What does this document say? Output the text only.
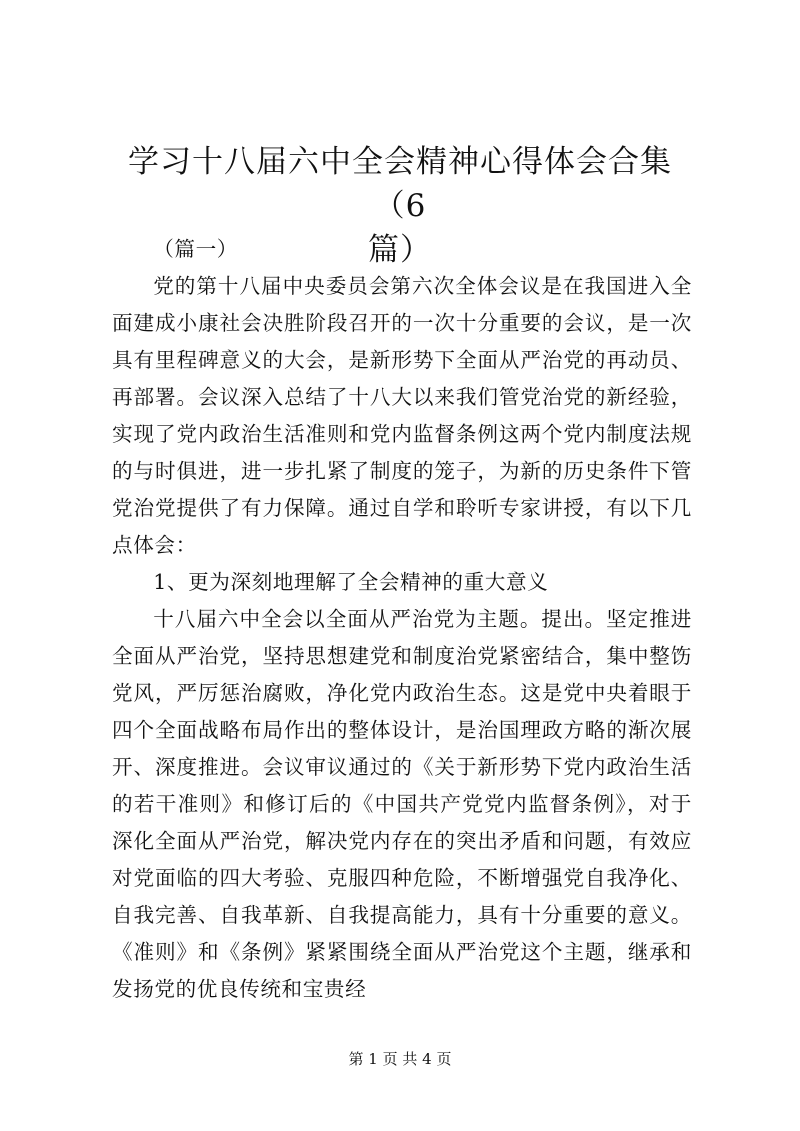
学习十八届六中全会精神心得体会合集（6
篇）

（篇一）

党的第十八届中央委员会第六次全体会议是在我国进入全面建成小康社会决胜阶段召开的一次十分重要的会议，是一次具有里程碑意义的大会，是新形势下全面从严治党的再动员、再部署。会议深入总结了十八大以来我们管党治党的新经验，实现了党内政治生活准则和党内监督条例这两个党内制度法规的与时俱进，进一步扎紧了制度的笼子，为新的历史条件下管党治党提供了有力保障。通过自学和聆听专家讲授，有以下几点体会：

1、更为深刻地理解了全会精神的重大意义

十八届六中全会以全面从严治党为主题。提出。坚定推进全面从严治党，坚持思想建党和制度治党紧密结合，集中整饬党风，严厉惩治腐败，净化党内政治生态。这是党中央着眼于四个全面战略布局作出的整体设计，是治国理政方略的渐次展开、深度推进。会议审议通过的《关于新形势下党内政治生活的若干准则》和修订后的《中国共产党党内监督条例》，对于深化全面从严治党，解决党内存在的突出矛盾和问题，有效应对党面临的四大考验、克服四种危险，不断增强党自我净化、自我完善、自我革新、自我提高能力，具有十分重要的意义。《准则》和《条例》紧紧围绕全面从严治党这个主题，继承和发扬党的优良传统和宝贵经

第 1 页 共 4 页
